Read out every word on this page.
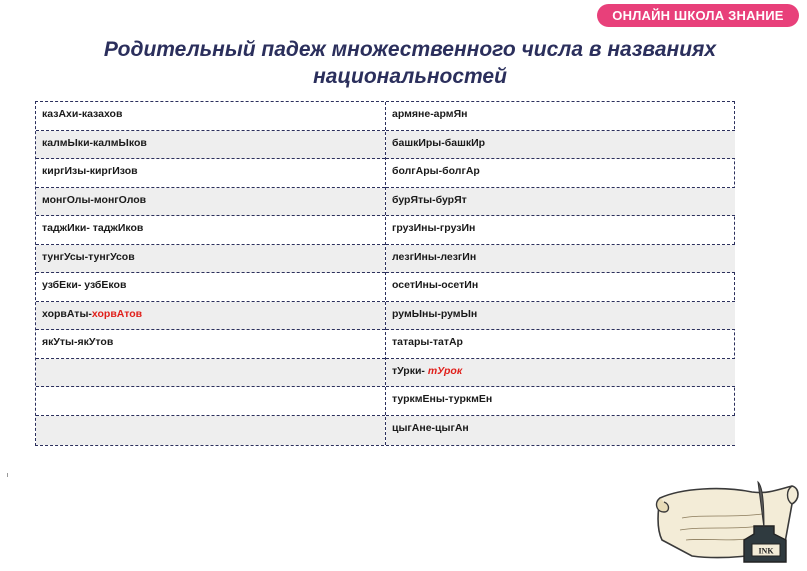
ОНЛАЙН ШКОЛА ЗНАНИЕ
Родительный падеж множественного числа в названиях
национальностей
казАхи-казахов
калмЫки-калмЫков
киргИзы-киргИзов
монгОлы-монгОлов
таджИки- таджИков
тунгУсы-тунгУсов
узбЕки- узбЕков
хорвАты-хорвАтов
якУты-якУтов
армяне-армЯн
башкИры-башкИр
болгАры-болгАр
бурЯты-бурЯт
грузИны-грузИн
лезгИны-лезгИн
осетИны-осетИн
румЫны-румЫн
татары-татАр
тУрки- тУрок
туркмЕны-туркмЕн
цыгАне-цыгАн
INK
